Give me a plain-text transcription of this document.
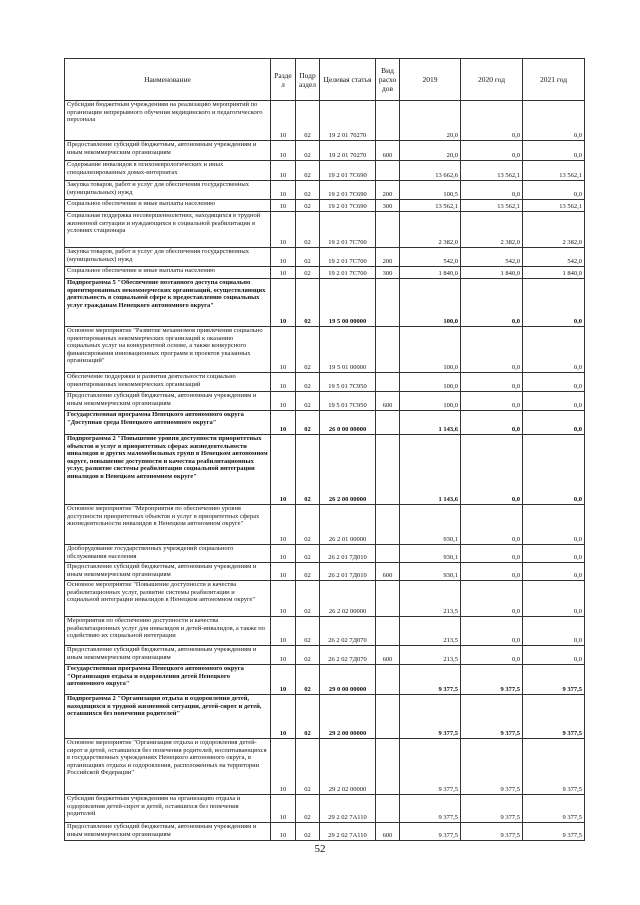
Наименование	Разде л	Подр аздел	Целевая статья	Вид расхо дов	2019	2020 год	2021 год
Субсидии бюджетным учреждениям на реализацию мероприятий по организации непрерывного обучения медицинского и педагогического персонала	10	02	19 2 01 70270		20,0	0,0	0,0
Предоставление субсидий бюджетным, автономным учреждениям и иным некоммерческим организациям	10	02	19 2 01 70270	600	20,0	0,0	0,0
Содержание инвалидов в психоневрологических и иных специализированных домах-интернатах	10	02	19 2 01 7С690		13 662,6	13 562,1	13 562,1
Закупка товаров, работ и услуг для обеспечения государственных (муниципальных) нужд	10	02	19 2 01 7С690	200	100,5	0,0	0,0
Социальное обеспечение и иные выплаты населению	10	02	19 2 01 7С690	300	13 562,1	13 562,1	13 562,1
Социальная поддержка несовершеннолетних, находящихся в трудной жизненной ситуации и нуждающихся в социальной реабилитации в условиях стационара	10	02	19 2 01 7С700		2 382,0	2 382,0	2 382,0
Закупка товаров, работ и услуг для обеспечения государственных (муниципальных) нужд	10	02	19 2 01 7С700	200	542,0	542,0	542,0
Социальное обеспечение и иные выплаты населению	10	02	19 2 01 7С700	300	1 840,0	1 840,0	1 840,0
Подпрограмма 5 "Обеспечение поэтапного доступа социально ориентированных некоммерческих организаций, осуществляющих деятельность в социальной сфере к предоставлению социальных услуг гражданам Ненецкого автономного округа"	10	02	19 5 00 00000		100,0	0,0	0,0
Основное мероприятие "Развитие механизмов привлечения социально ориентированных некоммерческих организаций к оказанию социальных услуг на конкурентной основе, а также конкурсного финансирования инновационных программ и проектов указанных организаций"	10	02	19 5 01 00000		100,0	0,0	0,0
Обеспечение поддержки и развития деятельности социально ориентированных некоммерческих организаций	10	02	19 5 01 7С950		100,0	0,0	0,0
Предоставление субсидий бюджетным, автономным учреждениям и иным некоммерческим организациям	10	02	19 5 01 7С950	600	100,0	0,0	0,0
Государственная программа Ненецкого автономного округа "Доступная среда Ненецкого автономного округа"	10	02	26 0 00 00000		1 143,6	0,0	0,0
Подпрограмма 2 "Повышение уровня доступности приоритетных объектов и услуг в приоритетных сферах жизнедеятельности инвалидов и других маломобильных групп в Ненецком автономном округе, повышение доступности и качества реабилитационных услуг, развитие системы реабилитации социальной интеграции инвалидов в Ненецком автономном округе"	10	02	26 2 00 00000		1 143,6	0,0	0,0
Основное мероприятие "Мероприятия по обеспечению уровня доступности приоритетных объектов и услуг в приоритетных сферах жизнедеятельности инвалидов в Ненецком автономном округе"	10	02	26 2 01 00000		930,1	0,0	0,0
Дооборудование государственных учреждений социального обслуживания населения	10	02	26 2 01 7Д010		930,1	0,0	0,0
Предоставление субсидий бюджетным, автономным учреждениям и иным некоммерческим организациям	10	02	26 2 01 7Д010	600	930,1	0,0	0,0
Основное мероприятие "Повышение доступности и качества реабилитационных услуг, развитие системы реабилитации и социальной интеграции инвалидов в Ненецком автономном округе"	10	02	26 2 02 00000		213,5	0,0	0,0
Мероприятия по обеспечению доступности и качества реабилитационных услуг для инвалидов и детей-инвалидов, а также по содействию их социальной интеграции	10	02	26 2 02 7Д070		213,5	0,0	0,0
Предоставление субсидий бюджетным, автономным учреждениям и иным некоммерческим организациям	10	02	26 2 02 7Д070	600	213,5	0,0	0,0
Государственная программа Ненецкого автономного округа "Организация отдыха и оздоровления детей Ненецкого автономного округа"	10	02	29 0 00 00000		9 377,5	9 377,5	9 377,5
Подпрограмма 2 "Организация отдыха и оздоровления детей, находящихся в трудной жизненной ситуации, детей-сирот и детей, оставшихся без попечения родителей"	10	02	29 2 00 00000		9 377,5	9 377,5	9 377,5
Основное мероприятие "Организация отдыха и оздоровления детей-сирот и детей, оставшихся без попечения родителей, воспитывающихся в государственных учреждениях Ненецкого автономного округа, в организациях отдыха и оздоровления, расположенных на территории Российской Федерации"	10	02	29 2 02 00000		9 377,5	9 377,5	9 377,5
Субсидии бюджетным учреждениям на организацию отдыха и оздоровления детей-сирот и детей, оставшихся без попечения родителей	10	02	29 2 02 7А110		9 377,5	9 377,5	9 377,5
Предоставление субсидий бюджетным, автономным учреждениям и иным некоммерческим организациям	10	02	29 2 02 7А110	600	9 377,5	9 377,5	9 377,5
52
